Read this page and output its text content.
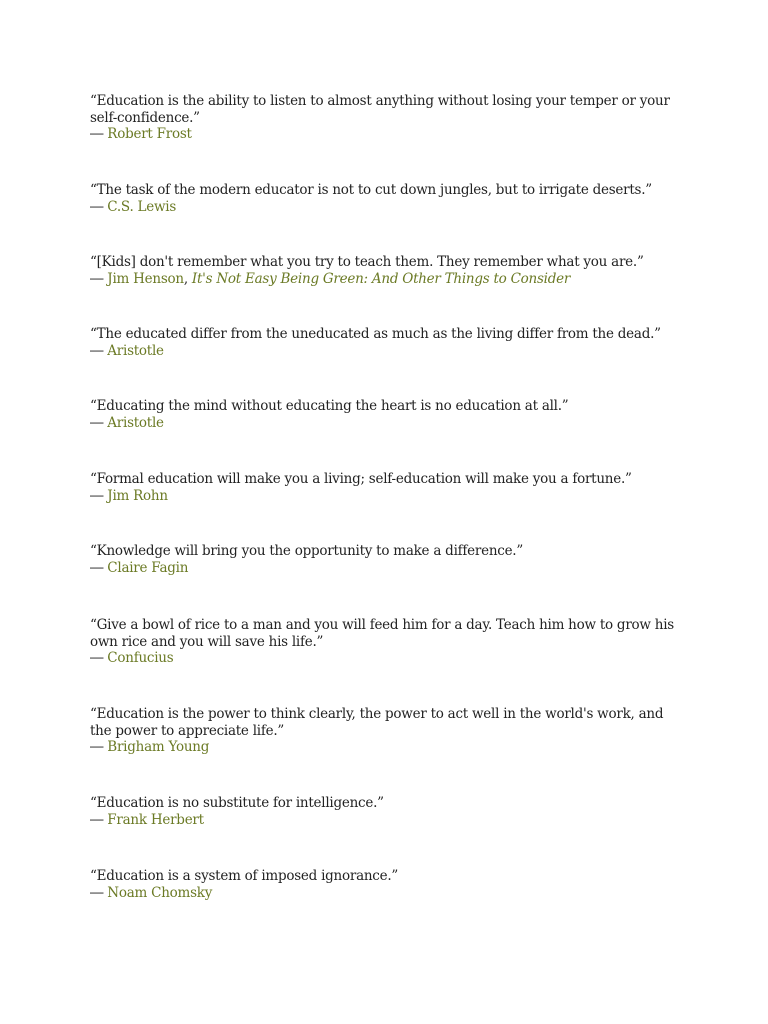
“Education is the ability to listen to almost anything without losing your temper or your self-confidence.”
― Robert Frost
“The task of the modern educator is not to cut down jungles, but to irrigate deserts.”
― C.S. Lewis
“[Kids] don't remember what you try to teach them. They remember what you are.”
― Jim Henson, It's Not Easy Being Green: And Other Things to Consider
“The educated differ from the uneducated as much as the living differ from the dead.”
― Aristotle
“Educating the mind without educating the heart is no education at all.”
― Aristotle
“Formal education will make you a living; self-education will make you a fortune.”
― Jim Rohn
“Knowledge will bring you the opportunity to make a difference.”
― Claire Fagin
“Give a bowl of rice to a man and you will feed him for a day. Teach him how to grow his own rice and you will save his life.”
― Confucius
“Education is the power to think clearly, the power to act well in the world's work, and the power to appreciate life.”
― Brigham Young
“Education is no substitute for intelligence.”
― Frank Herbert
“Education is a system of imposed ignorance.”
― Noam Chomsky
